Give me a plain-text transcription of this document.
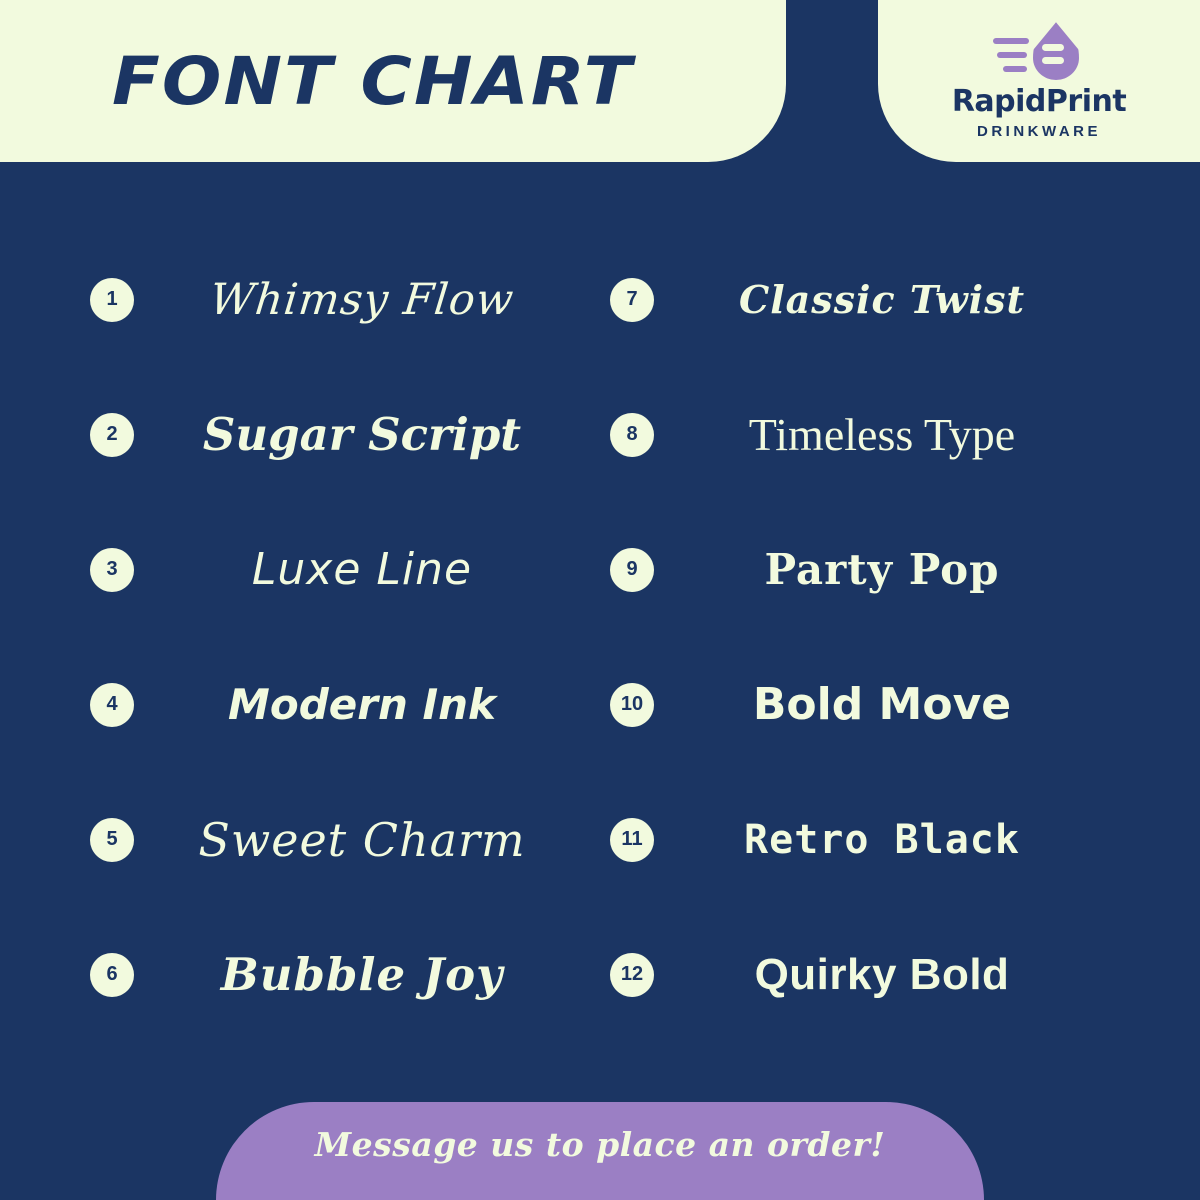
FONT CHART	RapidPrint
DRINKWARE
1	Whimsy Flow
2	Sugar Script
3	Luxe Line
4	Modern Ink
5	Sweet Charm
6	Bubble Joy
7	Classic Twist
8	Timeless Type
9	Party Pop
10	Bold Move
11	Retro Black
12	Quirky Bold
Message us to place an order!
